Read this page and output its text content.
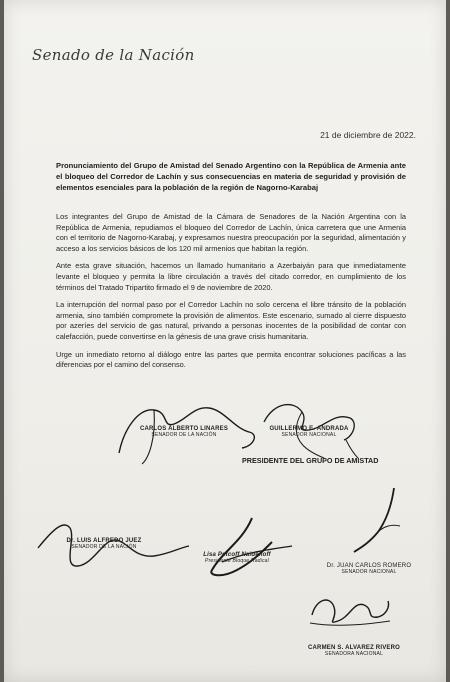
Senado de la Nación
21 de diciembre de 2022.
Pronunciamiento del Grupo de Amistad del Senado Argentino con la República de Armenia ante el bloqueo del Corredor de Lachín y sus consecuencias en materia de seguridad y provisión de elementos esenciales para la población de la región de Nagorno-Karabaj

Los integrantes del Grupo de Amistad de la Cámara de Senadores de la Nación Argentina con la República de Armenia, repudiamos el bloqueo del Corredor de Lachín, única carretera que une Armenia con el territorio de Nagorno-Karabaj, y expresamos nuestra preocupación por la seguridad, alimentación y acceso a los servicios básicos de los 120 mil armenios que habitan la región.

Ante esta grave situación, hacemos un llamado humanitario a Azerbaiyán para que inmediatamente levante el bloqueo y permita la libre circulación a través del citado corredor, en cumplimiento de los términos del Tratado Tripartito firmado el 9 de noviembre de 2020.

La interrupción del normal paso por el Corredor Lachín no solo cercena el libre tránsito de la población armenia, sino también compromete la provisión de alimentos. Este escenario, sumado al cierre dispuesto por azeríes del servicio de gas natural, privando a personas inocentes de la posibilidad de contar con calefacción, puede convertirse en la génesis de una grave crisis humanitaria.

Urge un inmediato retorno al diálogo entre las partes que permita encontrar soluciones pacíficas a las diferencias por el camino del consenso.

CARLOS ALBERTO LINARES
SENADOR DE LA NACIÓN
GUILLERMO E. ANDRADA
SENADOR NACIONAL
PRESIDENTE DEL GRUPO DE AMISTAD
Dr. LUIS ALFREDO JUEZ
SENADOR DE LA NACIÓN
Lisa Petcoff Naidenoff
Presidente Bloque Radical
Dr. JUAN CARLOS ROMERO
SENADOR NACIONAL
CARMEN S. ALVAREZ RIVERO
SENADORA NACIONAL
